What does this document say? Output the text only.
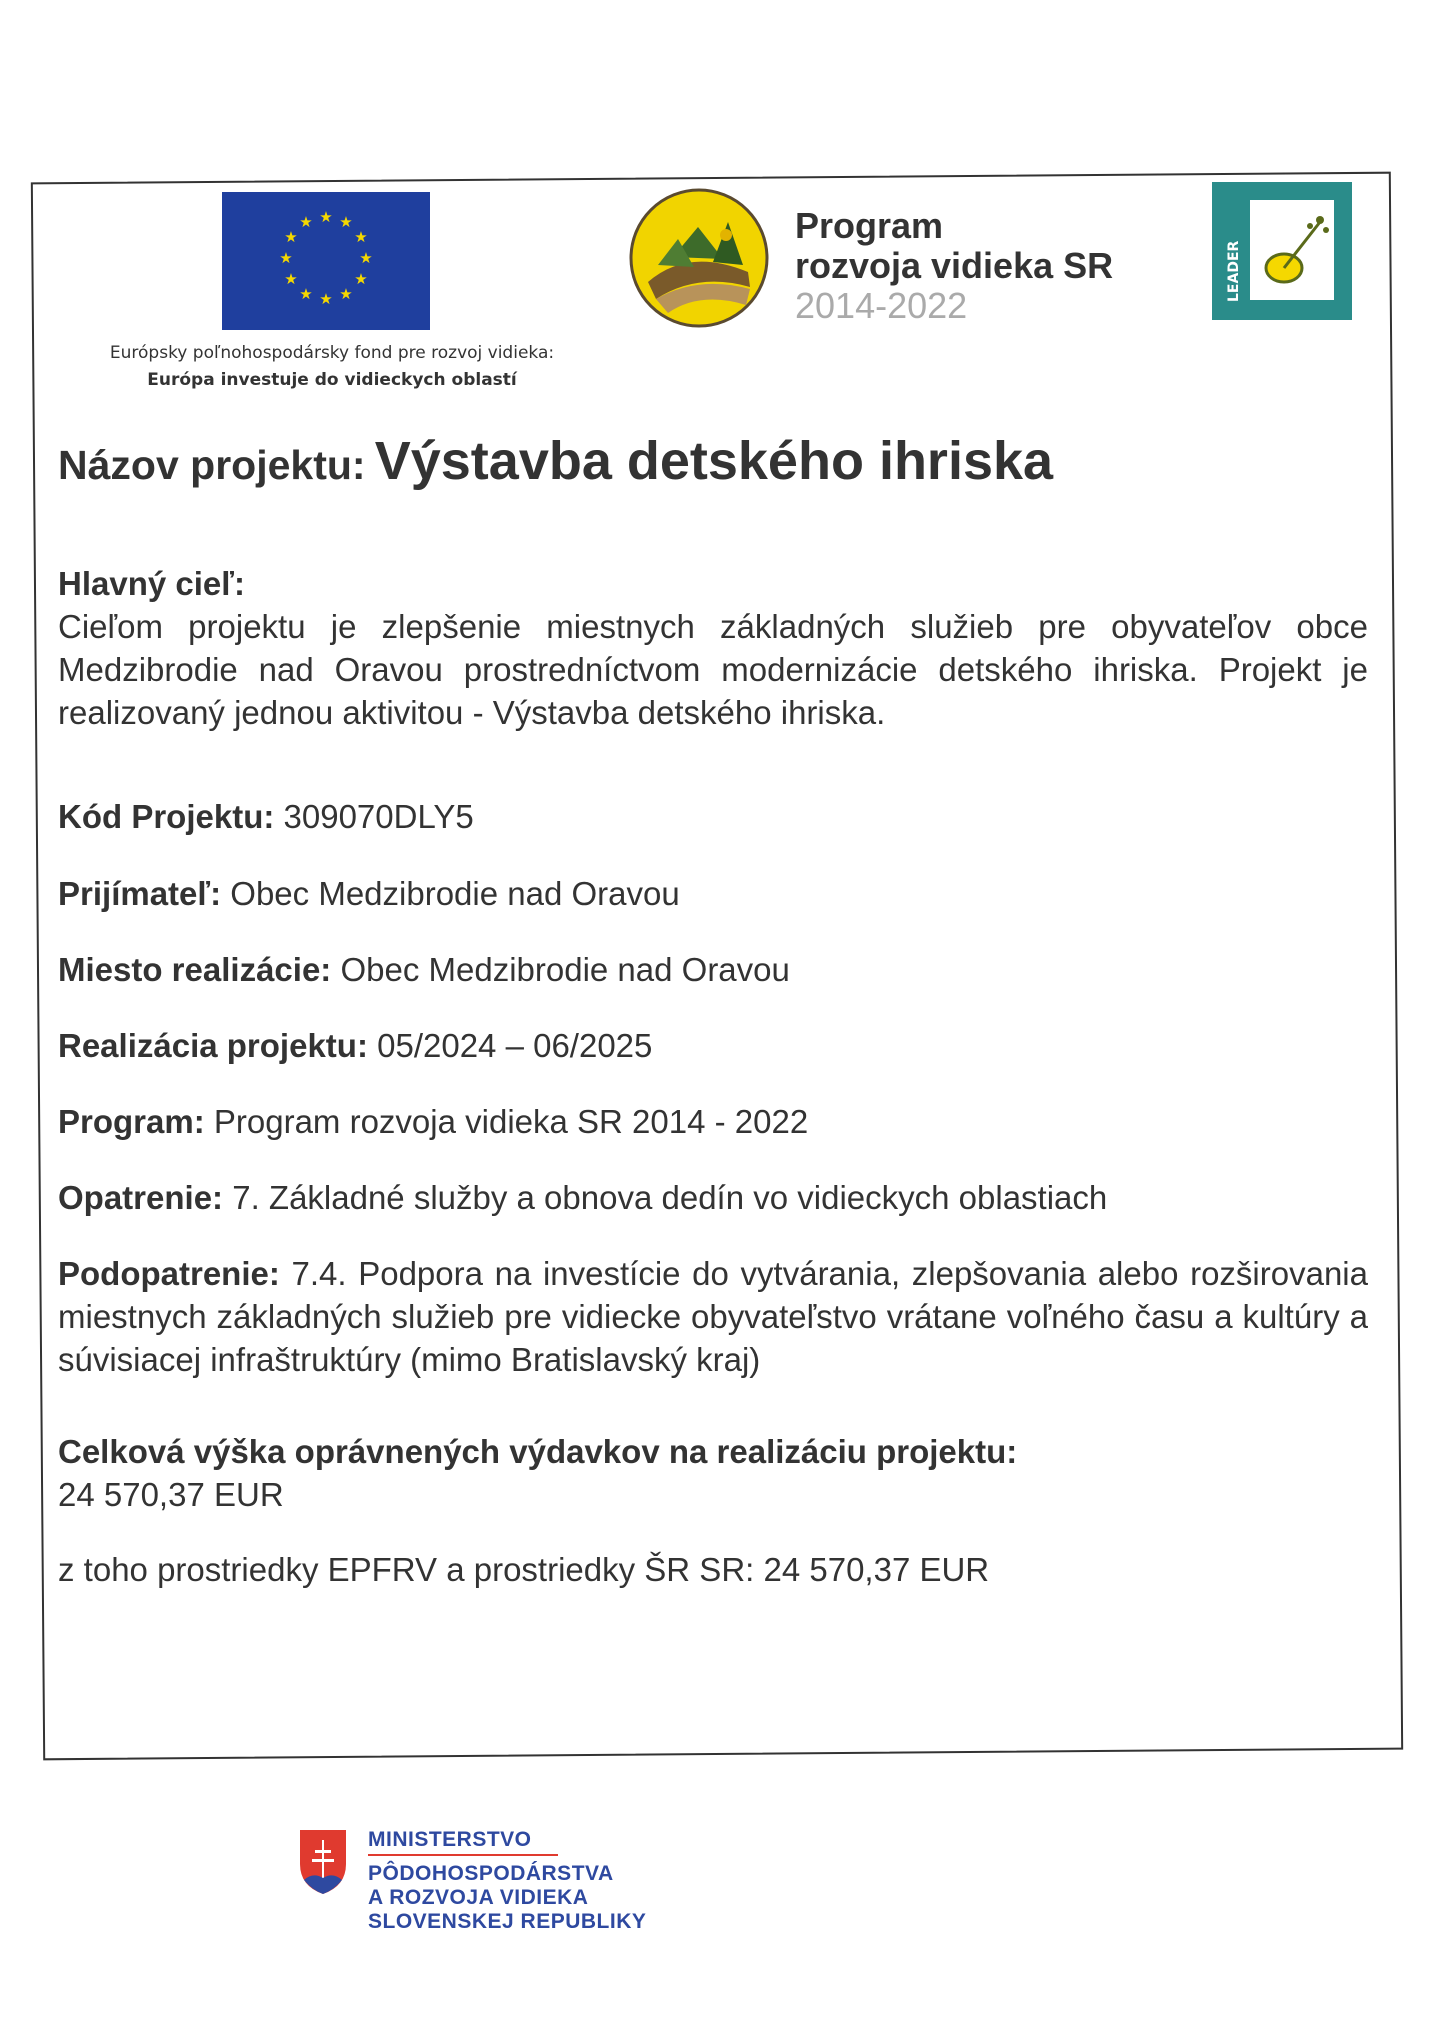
★ ★
★
★
★
★
★
★
★
★
★
★
Európsky poľnohospodársky fond pre rozvoj vidieka:
Európa investuje do vidieckych oblastí
Program
rozvoja vidieka SR
2014-2022
LEADER
Názov projektu: Výstavba detského ihriska
Hlavný cieľ:
Cieľom projektu je zlepšenie miestnych základných služieb pre obyvateľov obce Medzibrodie nad Oravou prostredníctvom modernizácie detského ihriska. Projekt je realizovaný jednou aktivitou - Výstavba detského ihriska.
Kód Projektu: 309070DLY5
Prijímateľ: Obec Medzibrodie nad Oravou
Miesto realizácie: Obec Medzibrodie nad Oravou
Realizácia projektu: 05/2024 – 06/2025
Program: Program rozvoja vidieka SR 2014 - 2022
Opatrenie: 7. Základné služby a obnova dedín vo vidieckych oblastiach
Podopatrenie: 7.4. Podpora na investície do vytvárania, zlepšovania alebo rozširovania miestnych základných služieb pre vidiecke obyvateľstvo vrátane voľného času a kultúry a súvisiacej infraštruktúry (mimo Bratislavský kraj)
Celková výška oprávnených výdavkov na realizáciu projektu:
24 570,37 EUR
z toho prostriedky EPFRV a prostriedky ŠR SR: 24 570,37 EUR
MINISTERSTVO
PÔDOHOSPODÁRSTVA
A ROZVOJA VIDIEKA
SLOVENSKEJ REPUBLIKY
